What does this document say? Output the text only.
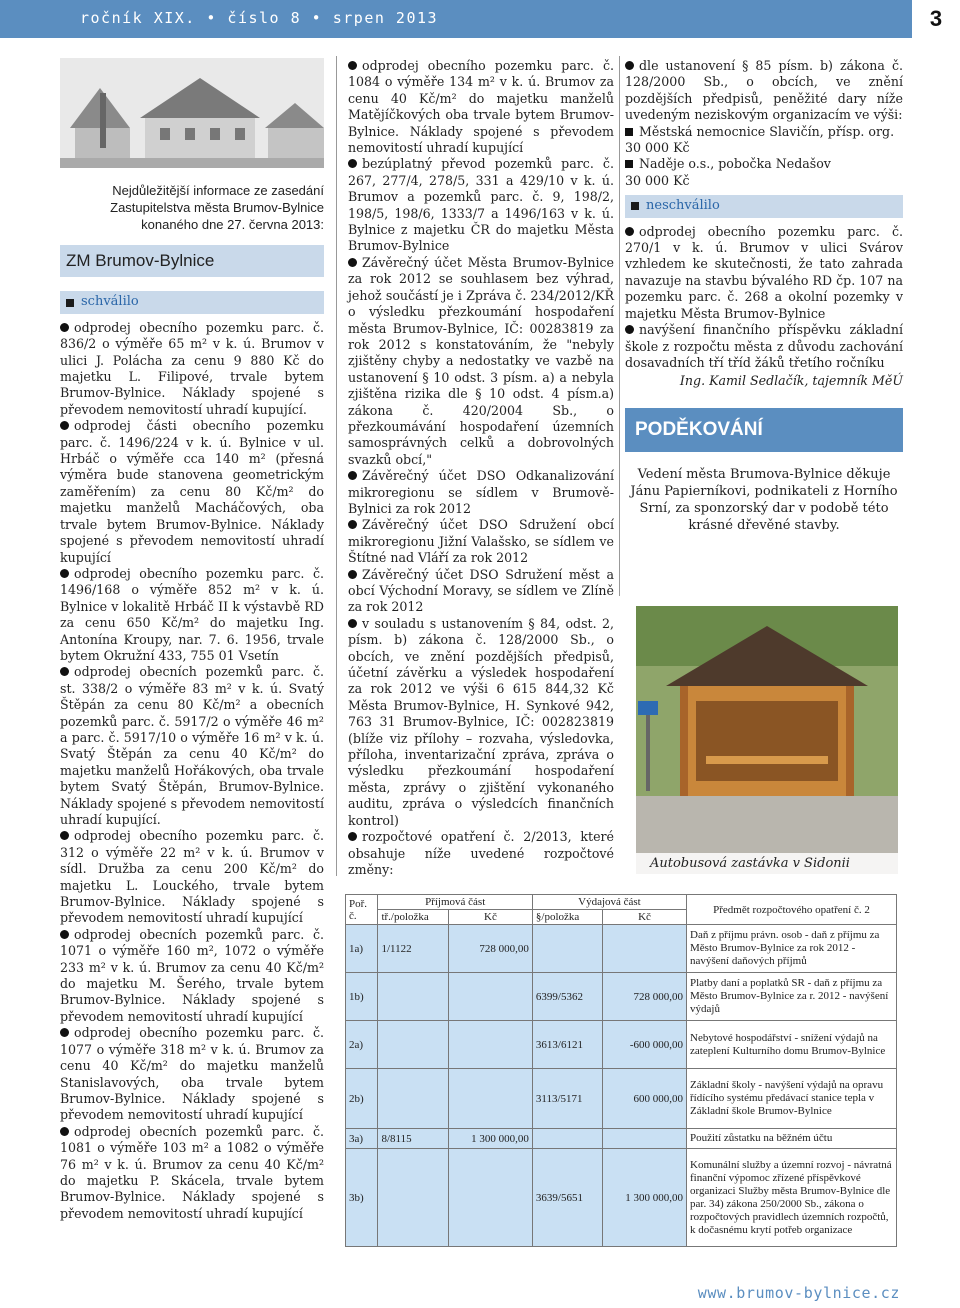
ročník XIX. • číslo 8 • srpen 2013	3
Nejdůležitější informace ze zasedání Zastupitelstva města Brumov-Bylnice konaného dne 27. června 2013:
ZM Brumov-Bylnice
schválilo
odprodej obecního pozemku parc. č. 836/2 o výměře 65 m² v k. ú. Brumov v ulici J. Polácha za cenu 9 880 Kč do majetku L. Filipové, trvale bytem Brumov-Bylnice. Náklady spojené s převodem nemovitostí uhradí kupující.
odprodej části obecního pozemku parc. č. 1496/224 v k. ú. Bylnice v ul. Hrbáč o výměře cca 140 m² (přesná výměra bude stanovena geometrickým zaměřením) za cenu 80 Kč/m² do majetku manželů Macháčových, oba trvale bytem Brumov-Bylnice. Náklady spojené s převodem nemovitostí uhradí kupující
odprodej obecního pozemku parc. č. 1496/168 o výměře 852 m² v k. ú. Bylnice v lokalitě Hrbáč II k výstavbě RD za cenu 650 Kč/m² do majetku Ing. Antonína Kroupy, nar. 7. 6. 1956, trvale bytem Okružní 433, 755 01 Vsetín
odprodej obecních pozemků parc. č. st. 338/2 o výměře 83 m² v k. ú. Svatý Štěpán za cenu 80 Kč/m² a obecních pozemků parc. č. 5917/2 o výměře 46 m² a parc. č. 5917/10 o výměře 16 m² v k. ú. Svatý Štěpán za cenu 40 Kč/m² do majetku manželů Hořákových, oba trvale bytem Svatý Štěpán, Brumov-Bylnice. Náklady spojené s převodem nemovitostí uhradí kupující.
odprodej obecního pozemku parc. č. 312 o výměře 22 m² v k. ú. Brumov v sídl. Družba za cenu 200 Kč/m² do majetku L. Louckého, trvale bytem Brumov-Bylnice. Náklady spojené s převodem nemovitostí uhradí kupující
odprodej obecních pozemků parc. č. 1071 o výměře 160 m², 1072 o výměře 233 m² v k. ú. Brumov za cenu 40 Kč/m² do majetku M. Šerého, trvale bytem Brumov-Bylnice. Náklady spojené s převodem nemovitostí uhradí kupující
odprodej obecního pozemku parc. č. 1077 o výměře 318 m² v k. ú. Brumov za cenu 40 Kč/m² do majetku manželů Stanislavových, oba trvale bytem Brumov-Bylnice. Náklady spojené s převodem nemovitostí uhradí kupující
odprodej obecních pozemků parc. č. 1081 o výměře 103 m² a 1082 o výměře 76 m² v k. ú. Brumov za cenu 40 Kč/m² do majetku P. Skácela, trvale bytem Brumov-Bylnice. Náklady spojené s převodem nemovitostí uhradí kupující
odprodej obecního pozemku parc. č. 1084 o výměře 134 m² v k. ú. Brumov za cenu 40 Kč/m² do majetku manželů Matějíčkových oba trvale bytem Brumov-Bylnice. Náklady spojené s převodem nemovitostí uhradí kupující
bezúplatný převod pozemků parc. č. 267, 277/4, 278/5, 331 a 429/10 v k. ú. Brumov a pozemků parc. č. 9, 198/2, 198/5, 198/6, 1333/7 a 1496/163 v k. ú. Bylnice z majetku ČR do majetku Města Brumov-Bylnice
Závěrečný účet Města Brumov-Bylnice za rok 2012 se souhlasem bez výhrad, jehož součástí je i Zpráva č. 234/2012/KŘ o výsledku přezkoumání hospodaření města Brumov-Bylnice, IČ: 00283819 za rok 2012 s konstatováním, že "nebyly zjištěny chyby a nedostatky ve vazbě na ustanovení § 10 odst. 3 písm. a) a nebyla zjištěna rizika dle § 10 odst. 4 písm.a) zákona č. 420/2004 Sb., o přezkoumávání hospodaření územních samosprávných celků a dobrovolných svazků obcí,"
Závěrečný účet DSO Odkanalizování mikroregionu se sídlem v Brumově-Bylnici za rok 2012
Závěrečný účet DSO Sdružení obcí mikroregionu Jižní Valašsko, se sídlem ve Štítné nad Vláří za rok 2012
Závěrečný účet DSO Sdružení měst a obcí Východní Moravy, se sídlem ve Zlíně za rok 2012
v souladu s ustanovením § 84, odst. 2, písm. b) zákona č. 128/2000 Sb., o obcích, ve znění pozdějších předpisů, účetní závěrku a výsledek hospodaření za rok 2012 ve výši 6 615 844,32 Kč Města Brumov-Bylnice, H. Synkové 942, 763 31 Brumov-Bylnice, IČ: 002823819 (blíže viz přílohy – rozvaha, výsledovka, příloha, inventarizační zpráva, zpráva o výsledku přezkoumání hospodaření města, zprávy o zjištění vykonaného auditu, zpráva o výsledcích finančních kontrol)
rozpočtové opatření č. 2/2013, které obsahuje níže uvedené rozpočtové změny:
dle ustanovení § 85 písm. b) zákona č. 128/2000 Sb., o obcích, ve znění pozdějších předpisů, peněžité dary níže uvedeným neziskovým organizacím ve výši:
Městská nemocnice Slavičín, přísp. org.
30 000 Kč
Naděje o.s., pobočka Nedašov
30 000 Kč
neschválilo
odprodej obecního pozemku parc. č. 270/1 v k. ú. Brumov v ulici Svárov vzhledem ke skutečnosti, že tato zahrada navazuje na stavbu bývalého RD čp. 107 na pozemku parc. č. 268 a okolní pozemky v majetku Města Brumov-Bylnice
navýšení finančního příspěvku základní škole z rozpočtu města z důvodu zachování dosavadních tří tříd žáků třetího ročníku
Ing. Kamil Sedlačík, tajemník MěÚ
PODĚKOVÁNÍ
Vedení města Brumova-Bylnice děkuje Jánu Papierníkovi, podnikateli z Horního Srní, za sponzorský dar v podobě této krásné dřevěné stavby.
Autobusová zastávka v Sidonii
Poř.
č.	Příjmová část		Výdajová část		Předmět rozpočtového opatření č. 2
	tř./položka	Kč	§/položka	Kč	
1a)	1/1122	728 000,00			Daň z příjmu právn. osob - daň z příjmu za Město Brumov-Bylnice za rok 2012 - navýšení daňových příjmů
1b)			6399/5362	728 000,00	Platby daní a poplatků SR - daň z příjmu za Město Brumov-Bylnice za r. 2012 - navýšení výdajů
2a)			3613/6121	-600 000,00	Nebytové hospodářství - snížení výdajů na zateplení Kulturního domu Brumov-Bylnice
2b)			3113/5171	600 000,00	Základní školy - navýšení výdajů na opravu řídícího systému předávací stanice tepla v Základní škole Brumov-Bylnice
3a)	8/8115	1 300 000,00			Použití zůstatku na běžném účtu
3b)			3639/5651	1 300 000,00	Komunální služby a územní rozvoj - návratná finanční výpomoc zřízené příspěvkové organizaci Služby města Brumov-Bylnice dle par. 34) zákona 250/2000 Sb., zákona o rozpočtových pravidlech územních rozpočtů, k dočasnému krytí potřeb organizace
www.brumov-bylnice.cz
